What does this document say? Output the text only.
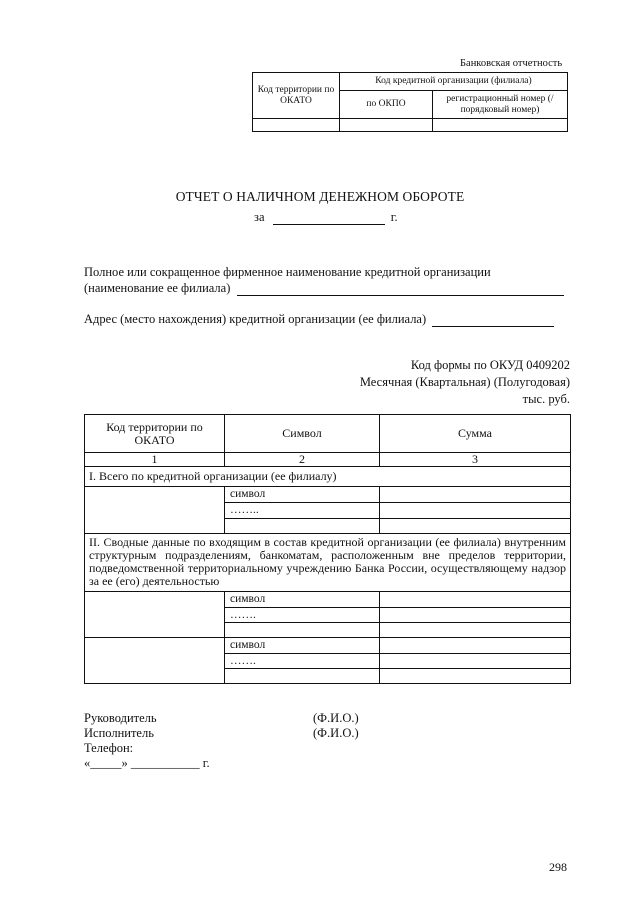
Банковская отчетность
Код территории по ОКАТО	Код кредитной организации (филиала)	
	по ОКПО	регистрационный номер (/порядковый номер)

ОТЧЕТ О НАЛИЧНОМ ДЕНЕЖНОМ ОБОРОТЕ
за	г.
Полное или сокращенное фирменное наименование кредитной организации
(наименование ее филиала)
Адрес (место нахождения) кредитной организации (ее филиала)
Код формы по ОКУД 0409202
Месячная (Квартальная) (Полугодовая)
тыс. руб.
Код территории по ОКАТО	Символ	Сумма
1	2	3
I. Всего по кредитной организации (ее филиалу)		
	символ	
	……..	

II. Сводные данные по входящим в состав кредитной организации (ее филиала) внутренним структурным подразделениям, банкоматам, расположенным вне пределов территории, подведомственной территориальному учреждению Банка России, осуществляющему надзор за ее (его) деятельностью		
	символ	
	…….	

	символ	
	…….	

Руководитель
Исполнитель
Телефон:
«_____» ___________ г.
(Ф.И.О.)
(Ф.И.О.)
298
